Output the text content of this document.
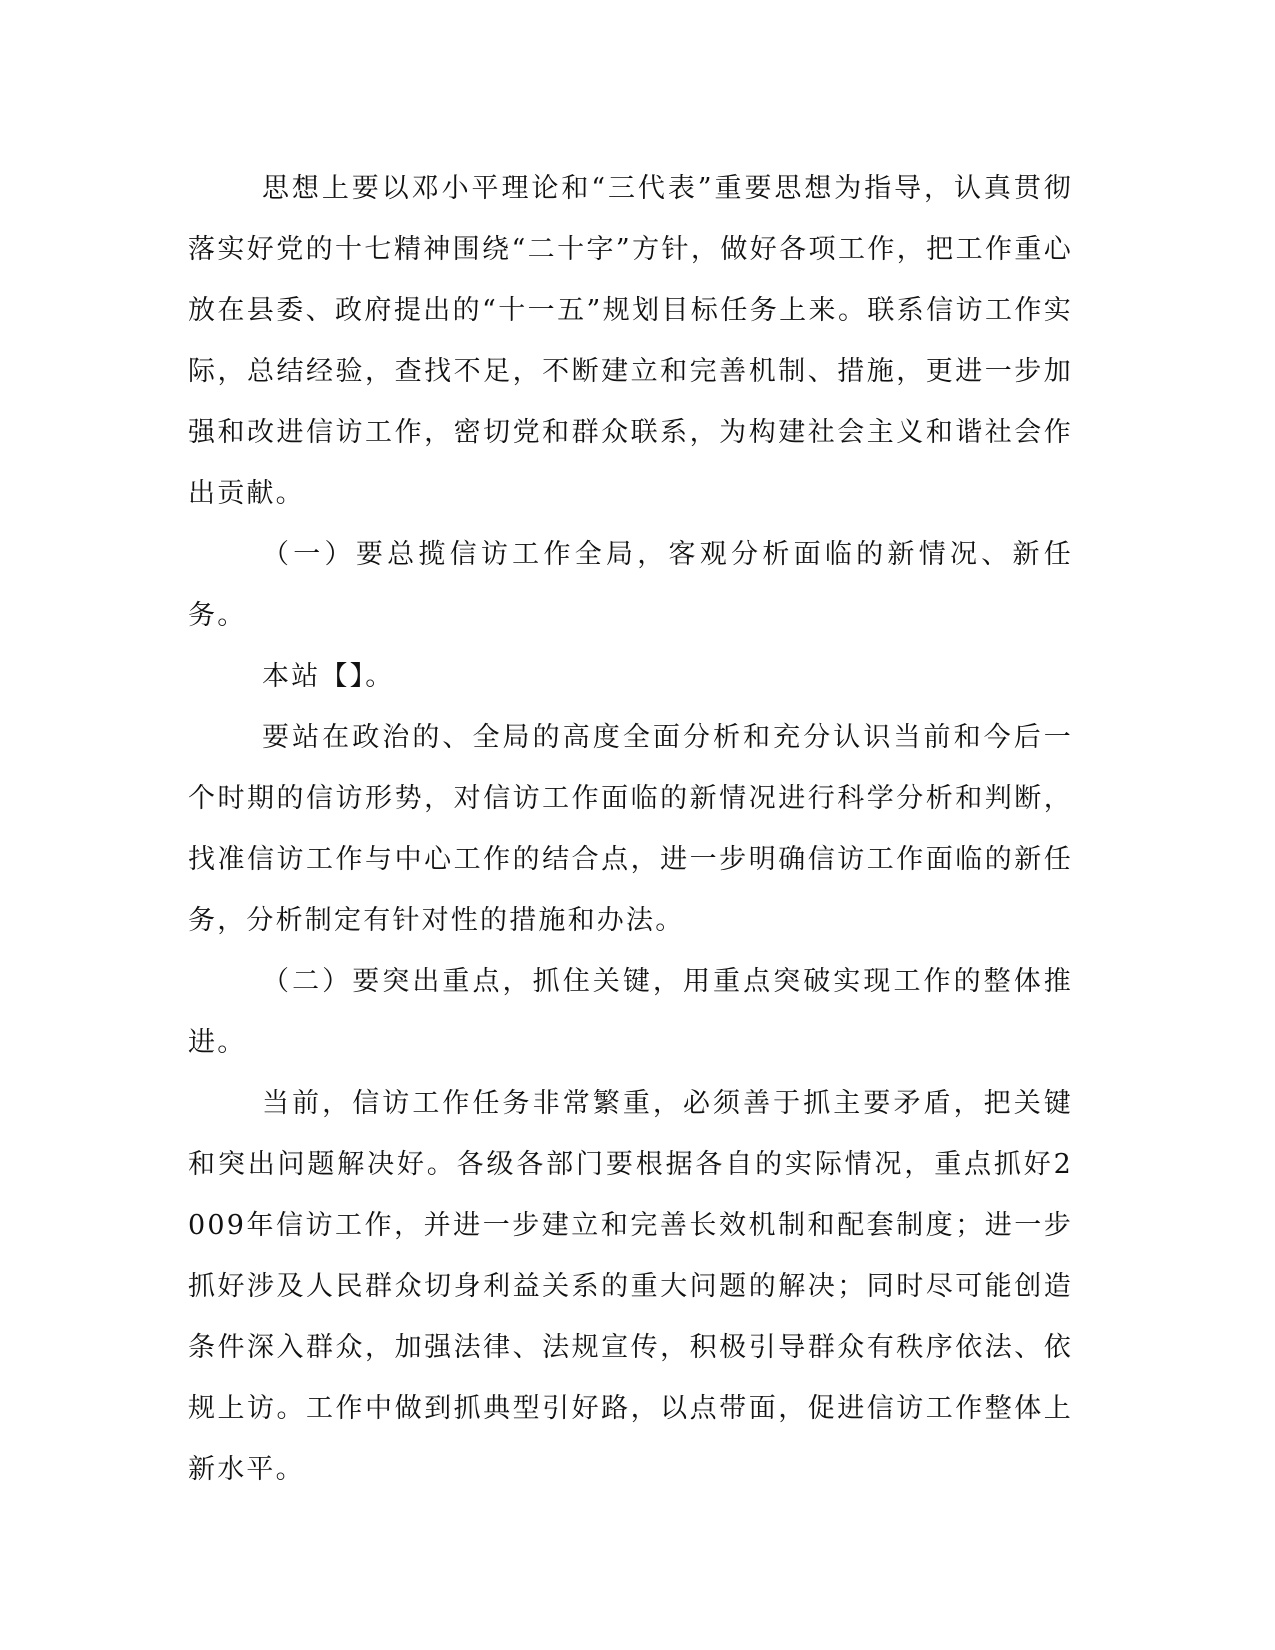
思想上要以邓小平理论和“三代表”重要思想为指导，认真贯彻落实好党的十七精神围绕“二十字”方针，做好各项工作，把工作重心放在县委、政府提出的“十一五”规划目标任务上来。联系信访工作实际，总结经验，查找不足，不断建立和完善机制、措施，更进一步加强和改进信访工作，密切党和群众联系，为构建社会主义和谐社会作出贡献。

（一）要总揽信访工作全局，客观分析面临的新情况、新任务。

本站【】。

要站在政治的、全局的高度全面分析和充分认识当前和今后一个时期的信访形势，对信访工作面临的新情况进行科学分析和判断，找准信访工作与中心工作的结合点，进一步明确信访工作面临的新任务，分析制定有针对性的措施和办法。

（二）要突出重点，抓住关键，用重点突破实现工作的整体推进。

当前，信访工作任务非常繁重，必须善于抓主要矛盾，把关键和突出问题解决好。各级各部门要根据各自的实际情况，重点抓好2009年信访工作，并进一步建立和完善长效机制和配套制度；进一步抓好涉及人民群众切身利益关系的重大问题的解决；同时尽可能创造条件深入群众，加强法律、法规宣传，积极引导群众有秩序依法、依规上访。工作中做到抓典型引好路，以点带面，促进信访工作整体上新水平。
